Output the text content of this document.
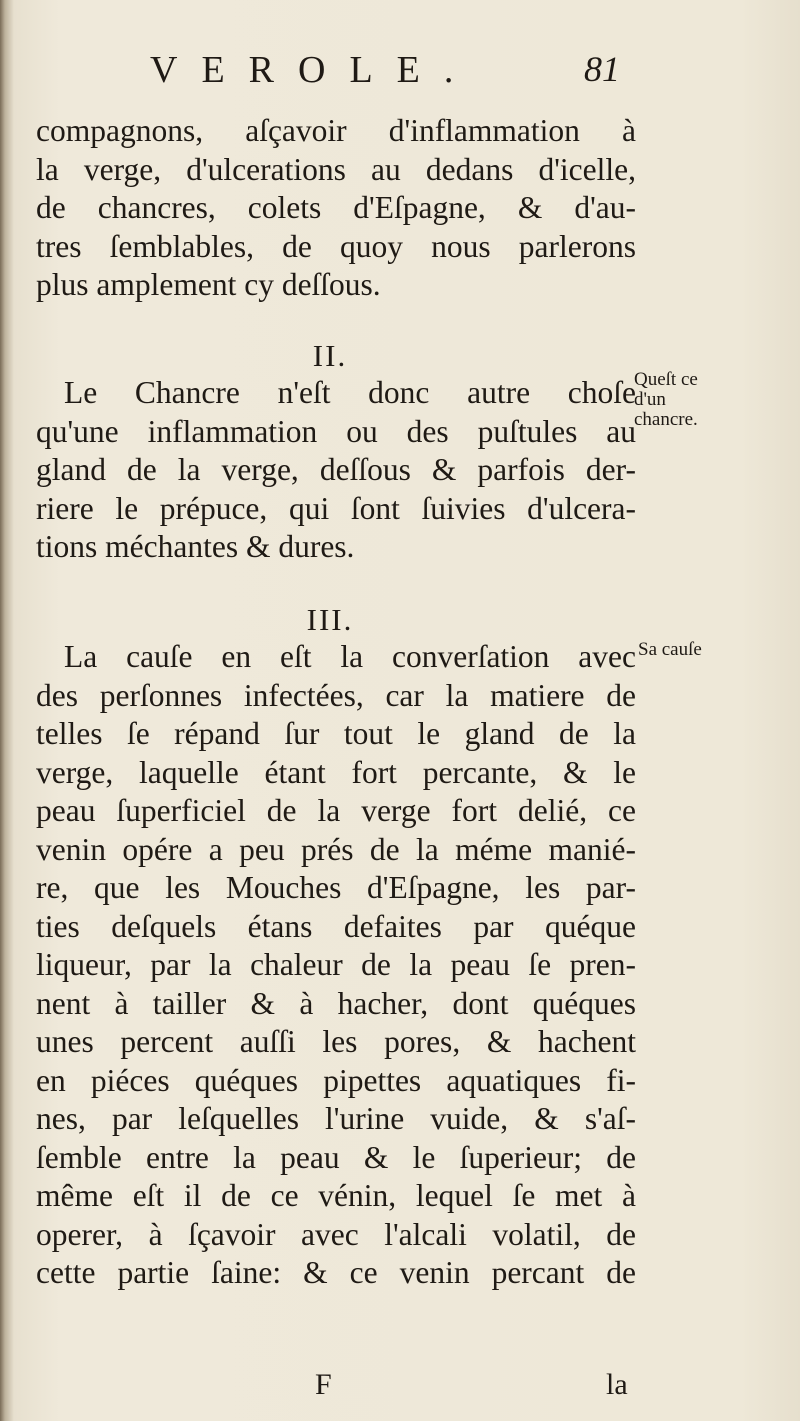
VEROLE.	81
compagnons, aſçavoir d'inflammation à
la verge, d'ulcerations au dedans d'icelle,
de chancres, colets d'Eſpagne, & d'au-
tres ſemblables, de quoy nous parlerons
plus amplement cy deſſous.
II.
Le Chancre n'eſt donc autre choſe
qu'une inflammation ou des puſtules au
gland de la verge, deſſous & parfois der-
riere le prépuce, qui ſont ſuivies d'ulcera-
tions méchantes & dures.
Queſt ce
d'un
chancre.
III.
La cauſe en eſt la converſation avec
des perſonnes infectées, car la matiere de
telles ſe répand ſur tout le gland de la
verge, laquelle étant fort percante, & le
peau ſuperficiel de la verge fort delié, ce
venin opére a peu prés de la méme manié-
re, que les Mouches d'Eſpagne, les par-
ties deſquels étans defaites par quéque
liqueur, par la chaleur de la peau ſe pren-
nent à tailler & à hacher, dont quéques
unes percent auſſi les pores, & hachent
en piéces quéques pipettes aquatiques fi-
nes, par leſquelles l'urine vuide, & s'aſ-
ſemble entre la peau & le ſuperieur; de
même eſt il de ce vénin, lequel ſe met à
operer, à ſçavoir avec l'alcali volatil, de
cette partie ſaine: & ce venin percant de
Sa cauſe
F	la
